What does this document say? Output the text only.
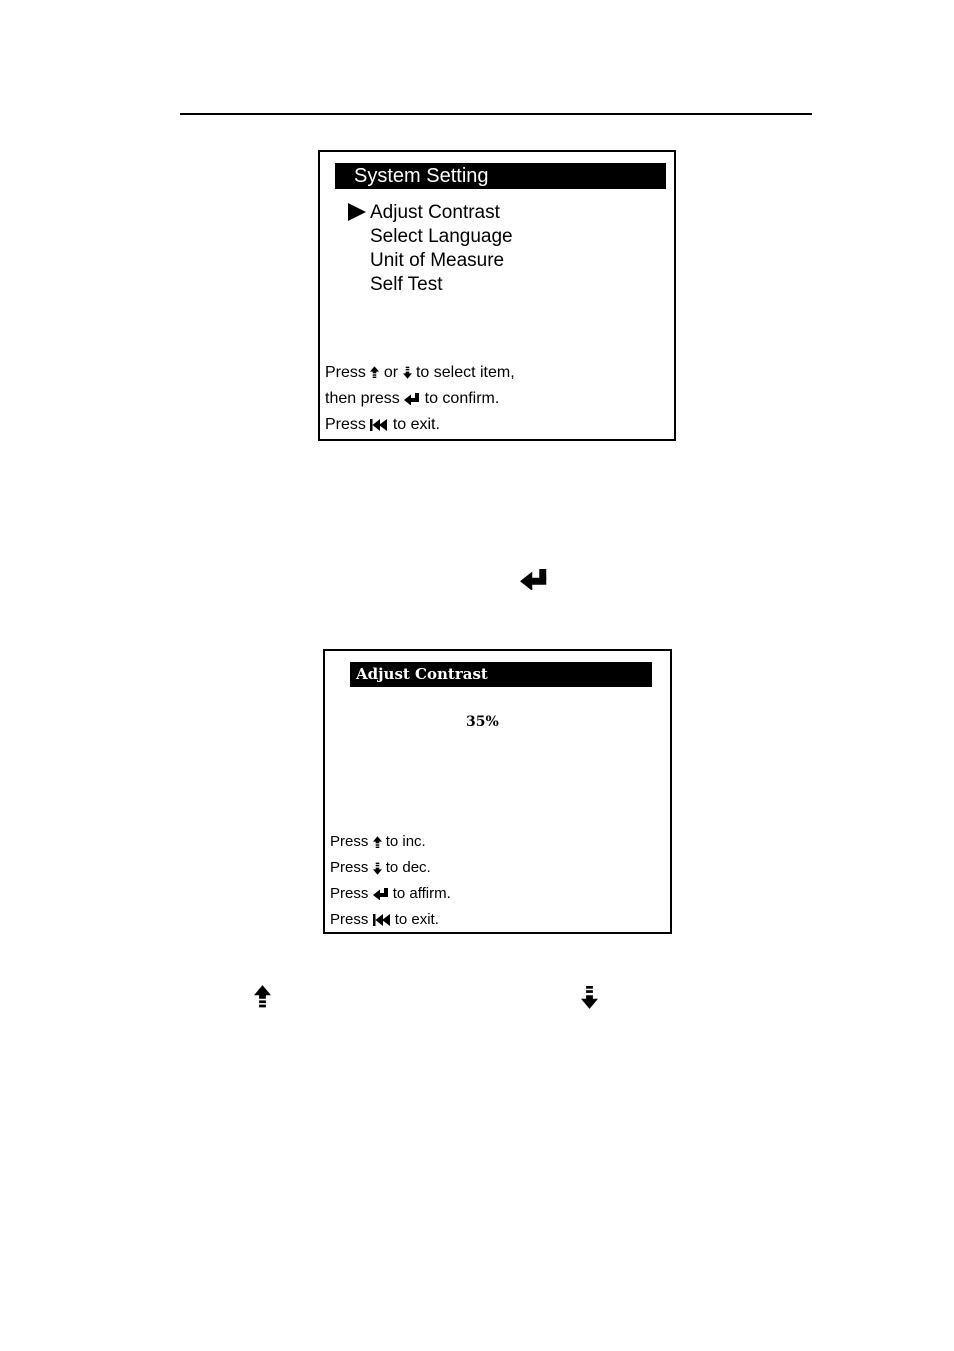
System Setting
Adjust Contrast
Select Language
Unit of Measure
Self Test
Press or to select item,
then press to confirm.
Press to exit.
Adjust Contrast
35%
Press to inc.
Press to dec.
Press to affirm.
Press to exit.
